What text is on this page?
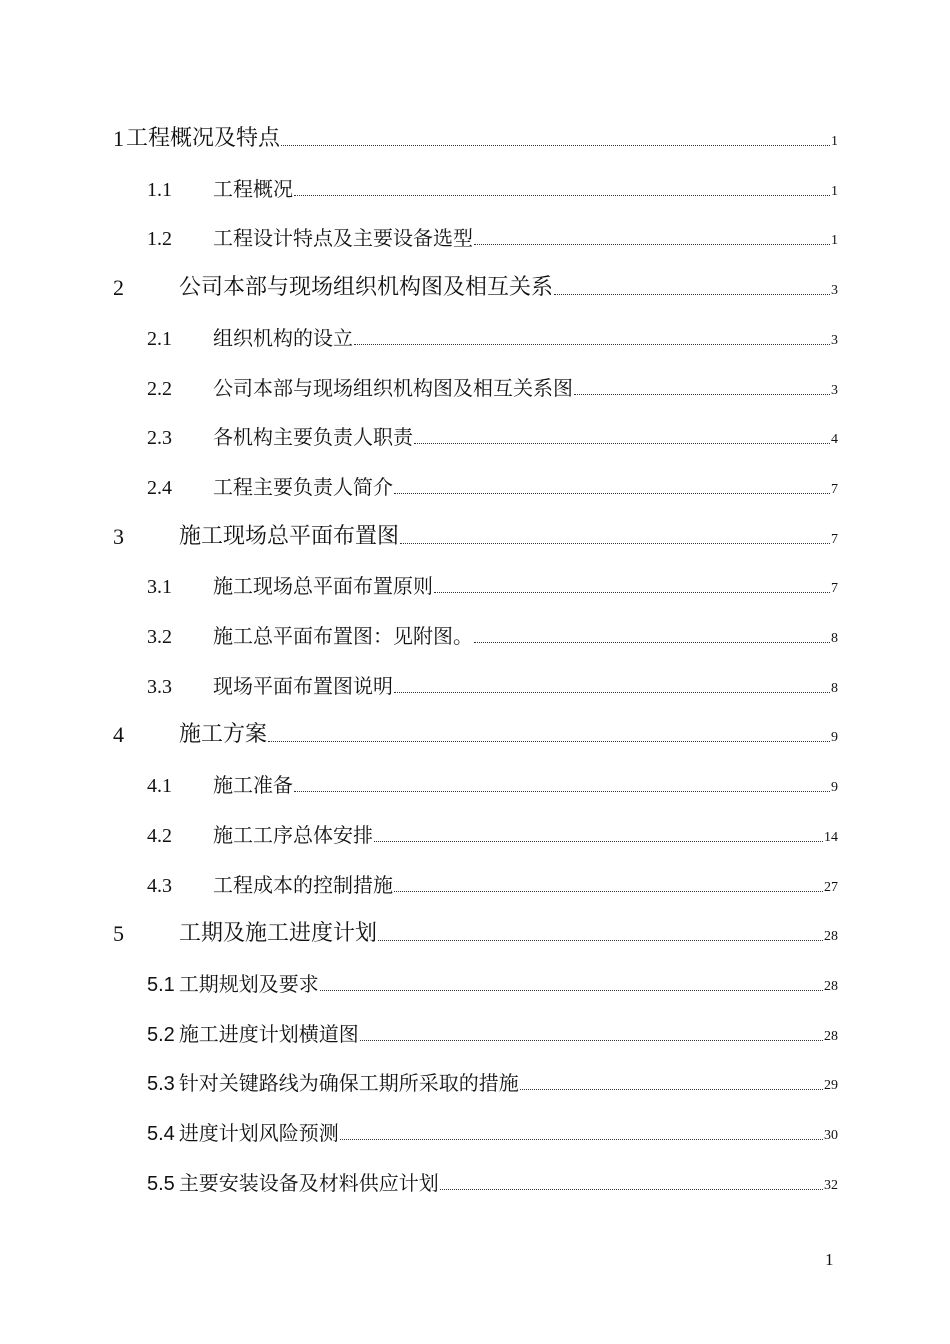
1 工程概况及特点	1
1.1	工程概况	1
1.2	工程设计特点及主要设备选型	1
2	公司本部与现场组织机构图及相互关系	3
2.1	组织机构的设立	3
2.2	公司本部与现场组织机构图及相互关系图	3
2.3	各机构主要负责人职责	4
2.4	工程主要负责人简介	7
3	施工现场总平面布置图	7
3.1	施工现场总平面布置原则	7
3.2	施工总平面布置图：见附图。	8
3.3	现场平面布置图说明	8
4	施工方案	9
4.1	施工准备	9
4.2	施工工序总体安排	14
4.3	工程成本的控制措施	27
5	工期及施工进度计划	28
5.1 工期规划及要求	28
5.2 施工进度计划横道图	28
5.3 针对关键路线为确保工期所采取的措施	29
5.4 进度计划风险预测	30
5.5 主要安装设备及材料供应计划	32
1
